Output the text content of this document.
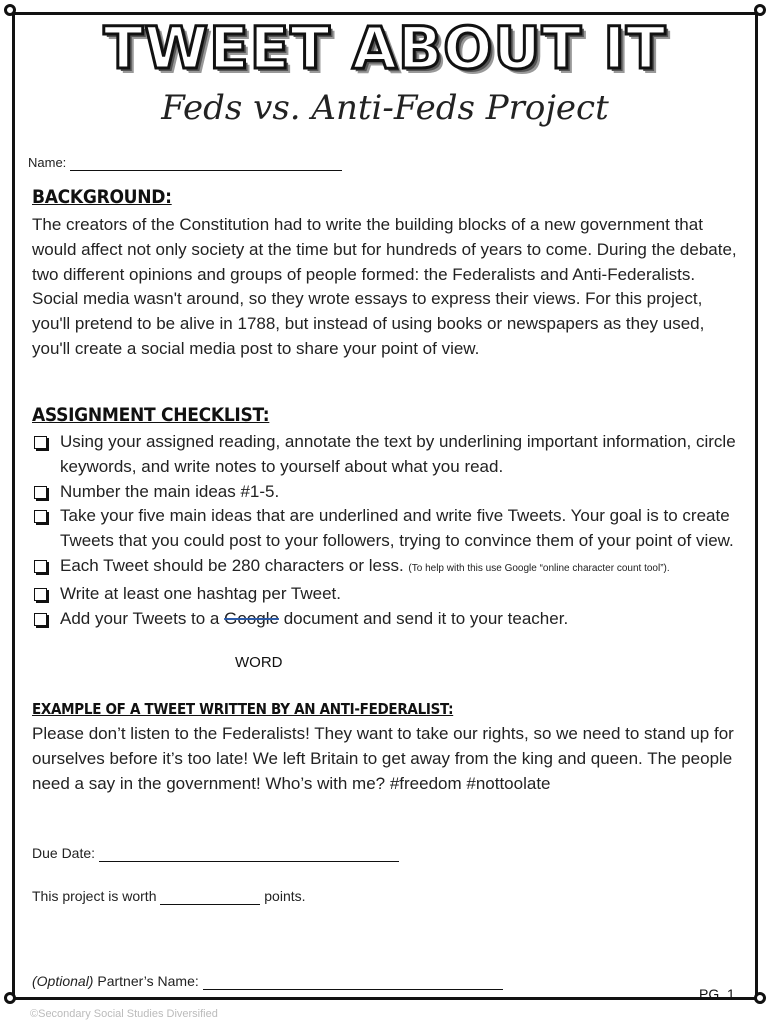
TWEET ABOUT IT
Feds vs. Anti-Feds Project
Name:
BACKGROUND:
The creators of the Constitution had to write the building blocks of a new government that would affect not only society at the time but for hundreds of years to come. During the debate, two different opinions and groups of people formed: the Federalists and Anti-Federalists. Social media wasn't around, so they wrote essays to express their views. For this project, you'll pretend to be alive in 1788, but instead of using books or newspapers as they used, you'll create a social media post to share your point of view.
ASSIGNMENT CHECKLIST:
Using your assigned reading, annotate the text by underlining important information, circle keywords, and write notes to yourself about what you read.
Number the main ideas #1-5.
Take your five main ideas that are underlined and write five Tweets. Your goal is to create Tweets that you could post to your followers, trying to convince them of your point of view.
Each Tweet should be 280 characters or less. (To help with this use Google “online character count tool”).
Write at least one hashtag per Tweet.
Add your Tweets to a Google document and send it to your teacher.
WORD
EXAMPLE OF A TWEET WRITTEN BY AN ANTI-FEDERALIST:
Please don’t listen to the Federalists! They want to take our rights, so we need to stand up for ourselves before it’s too late! We left Britain to get away from the king and queen. The people need a say in the government! Who’s with me? #freedom #nottoolate
Due Date:
This project is worth	points.
(Optional) Partner’s Name:
PG. 1
©Secondary Social Studies Diversified
